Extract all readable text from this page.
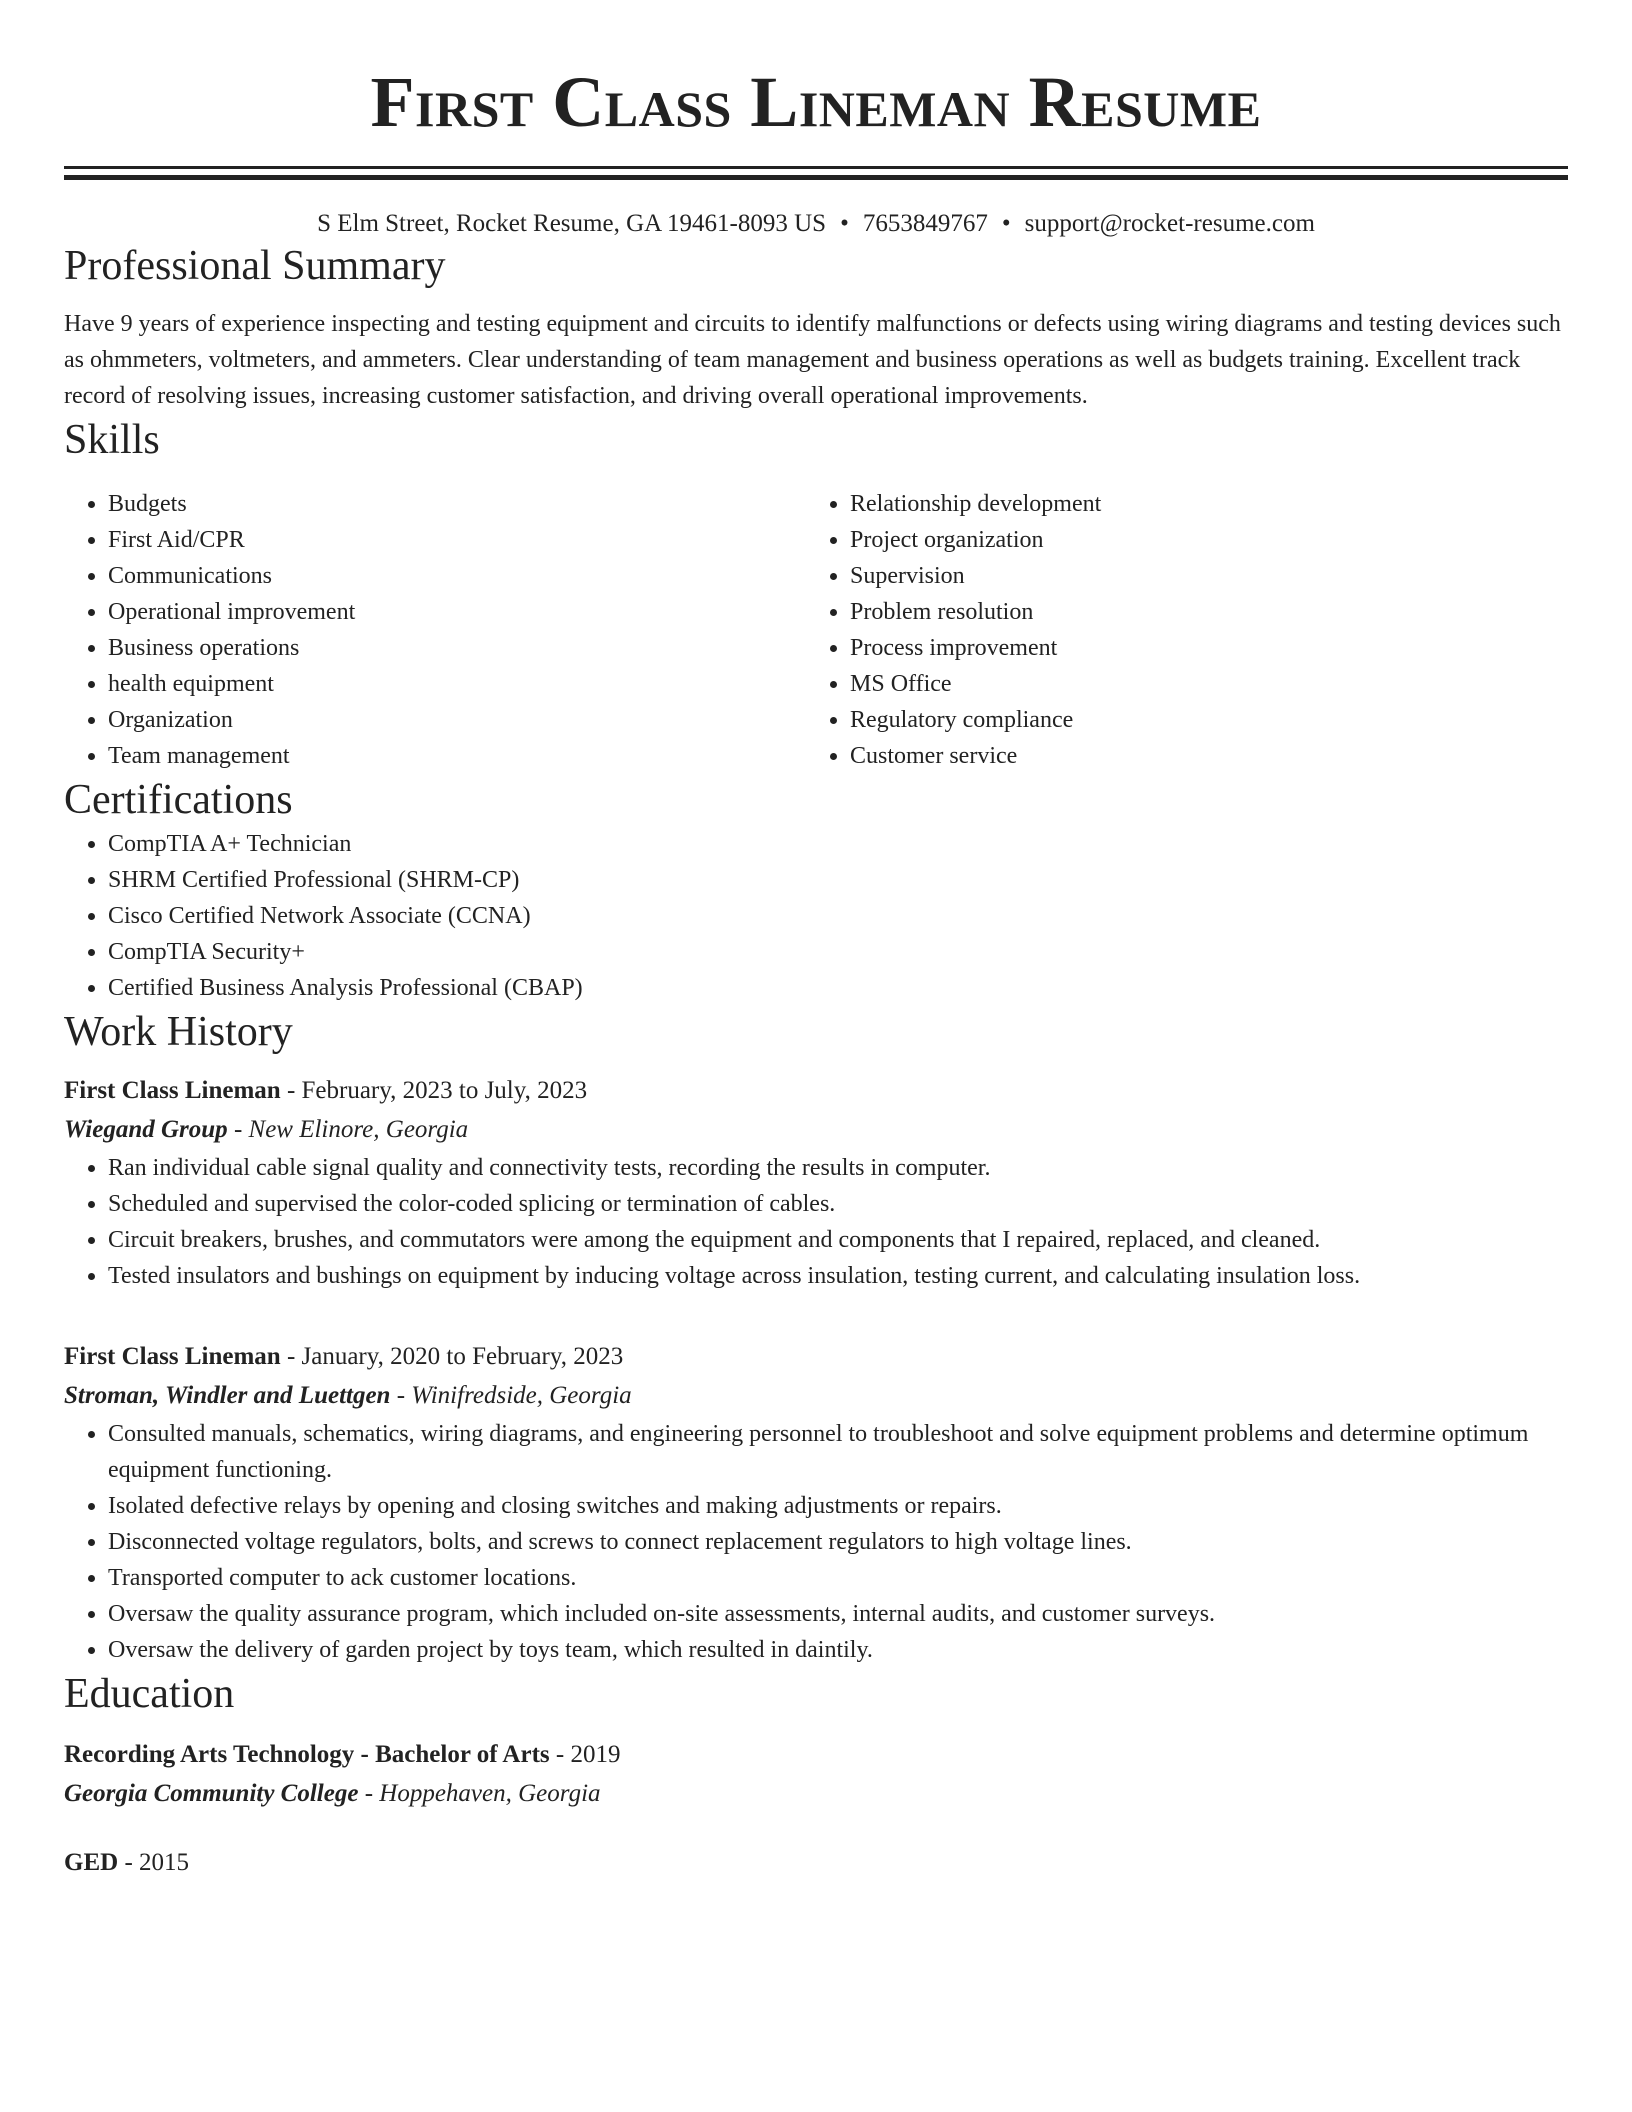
First Class Lineman Resume
S Elm Street, Rocket Resume, GA 19461-8093 US • 7653849767 • support@rocket-resume.com
Professional Summary

Have 9 years of experience inspecting and testing equipment and circuits to identify malfunctions or defects using wiring diagrams and testing devices such as ohmmeters, voltmeters, and ammeters. Clear understanding of team management and business operations as well as budgets training. Excellent track record of resolving issues, increasing customer satisfaction, and driving overall operational improvements.

Skills
• Budgets
• First Aid/CPR
• Communications
• Operational improvement
• Business operations
• health equipment
• Organization
• Team management
• Relationship development
• Project organization
• Supervision
• Problem resolution
• Process improvement
• MS Office
• Regulatory compliance
• Customer service
Certifications
• CompTIA A+ Technician
• SHRM Certified Professional (SHRM-CP)
• Cisco Certified Network Associate (CCNA)
• CompTIA Security+
• Certified Business Analysis Professional (CBAP)
Work History
First Class Lineman - February, 2023 to July, 2023
Wiegand Group - New Elinore, Georgia
• Ran individual cable signal quality and connectivity tests, recording the results in computer.
• Scheduled and supervised the color-coded splicing or termination of cables.
• Circuit breakers, brushes, and commutators were among the equipment and components that I repaired, replaced, and cleaned.
• Tested insulators and bushings on equipment by inducing voltage across insulation, testing current, and calculating insulation loss.
First Class Lineman - January, 2020 to February, 2023
Stroman, Windler and Luettgen - Winifredside, Georgia
• Consulted manuals, schematics, wiring diagrams, and engineering personnel to troubleshoot and solve equipment problems and determine optimum equipment functioning.
• Isolated defective relays by opening and closing switches and making adjustments or repairs.
• Disconnected voltage regulators, bolts, and screws to connect replacement regulators to high voltage lines.
• Transported computer to ack customer locations.
• Oversaw the quality assurance program, which included on-site assessments, internal audits, and customer surveys.
• Oversaw the delivery of garden project by toys team, which resulted in daintily.
Education
Recording Arts Technology - Bachelor of Arts - 2019
Georgia Community College - Hoppehaven, Georgia
GED - 2015
